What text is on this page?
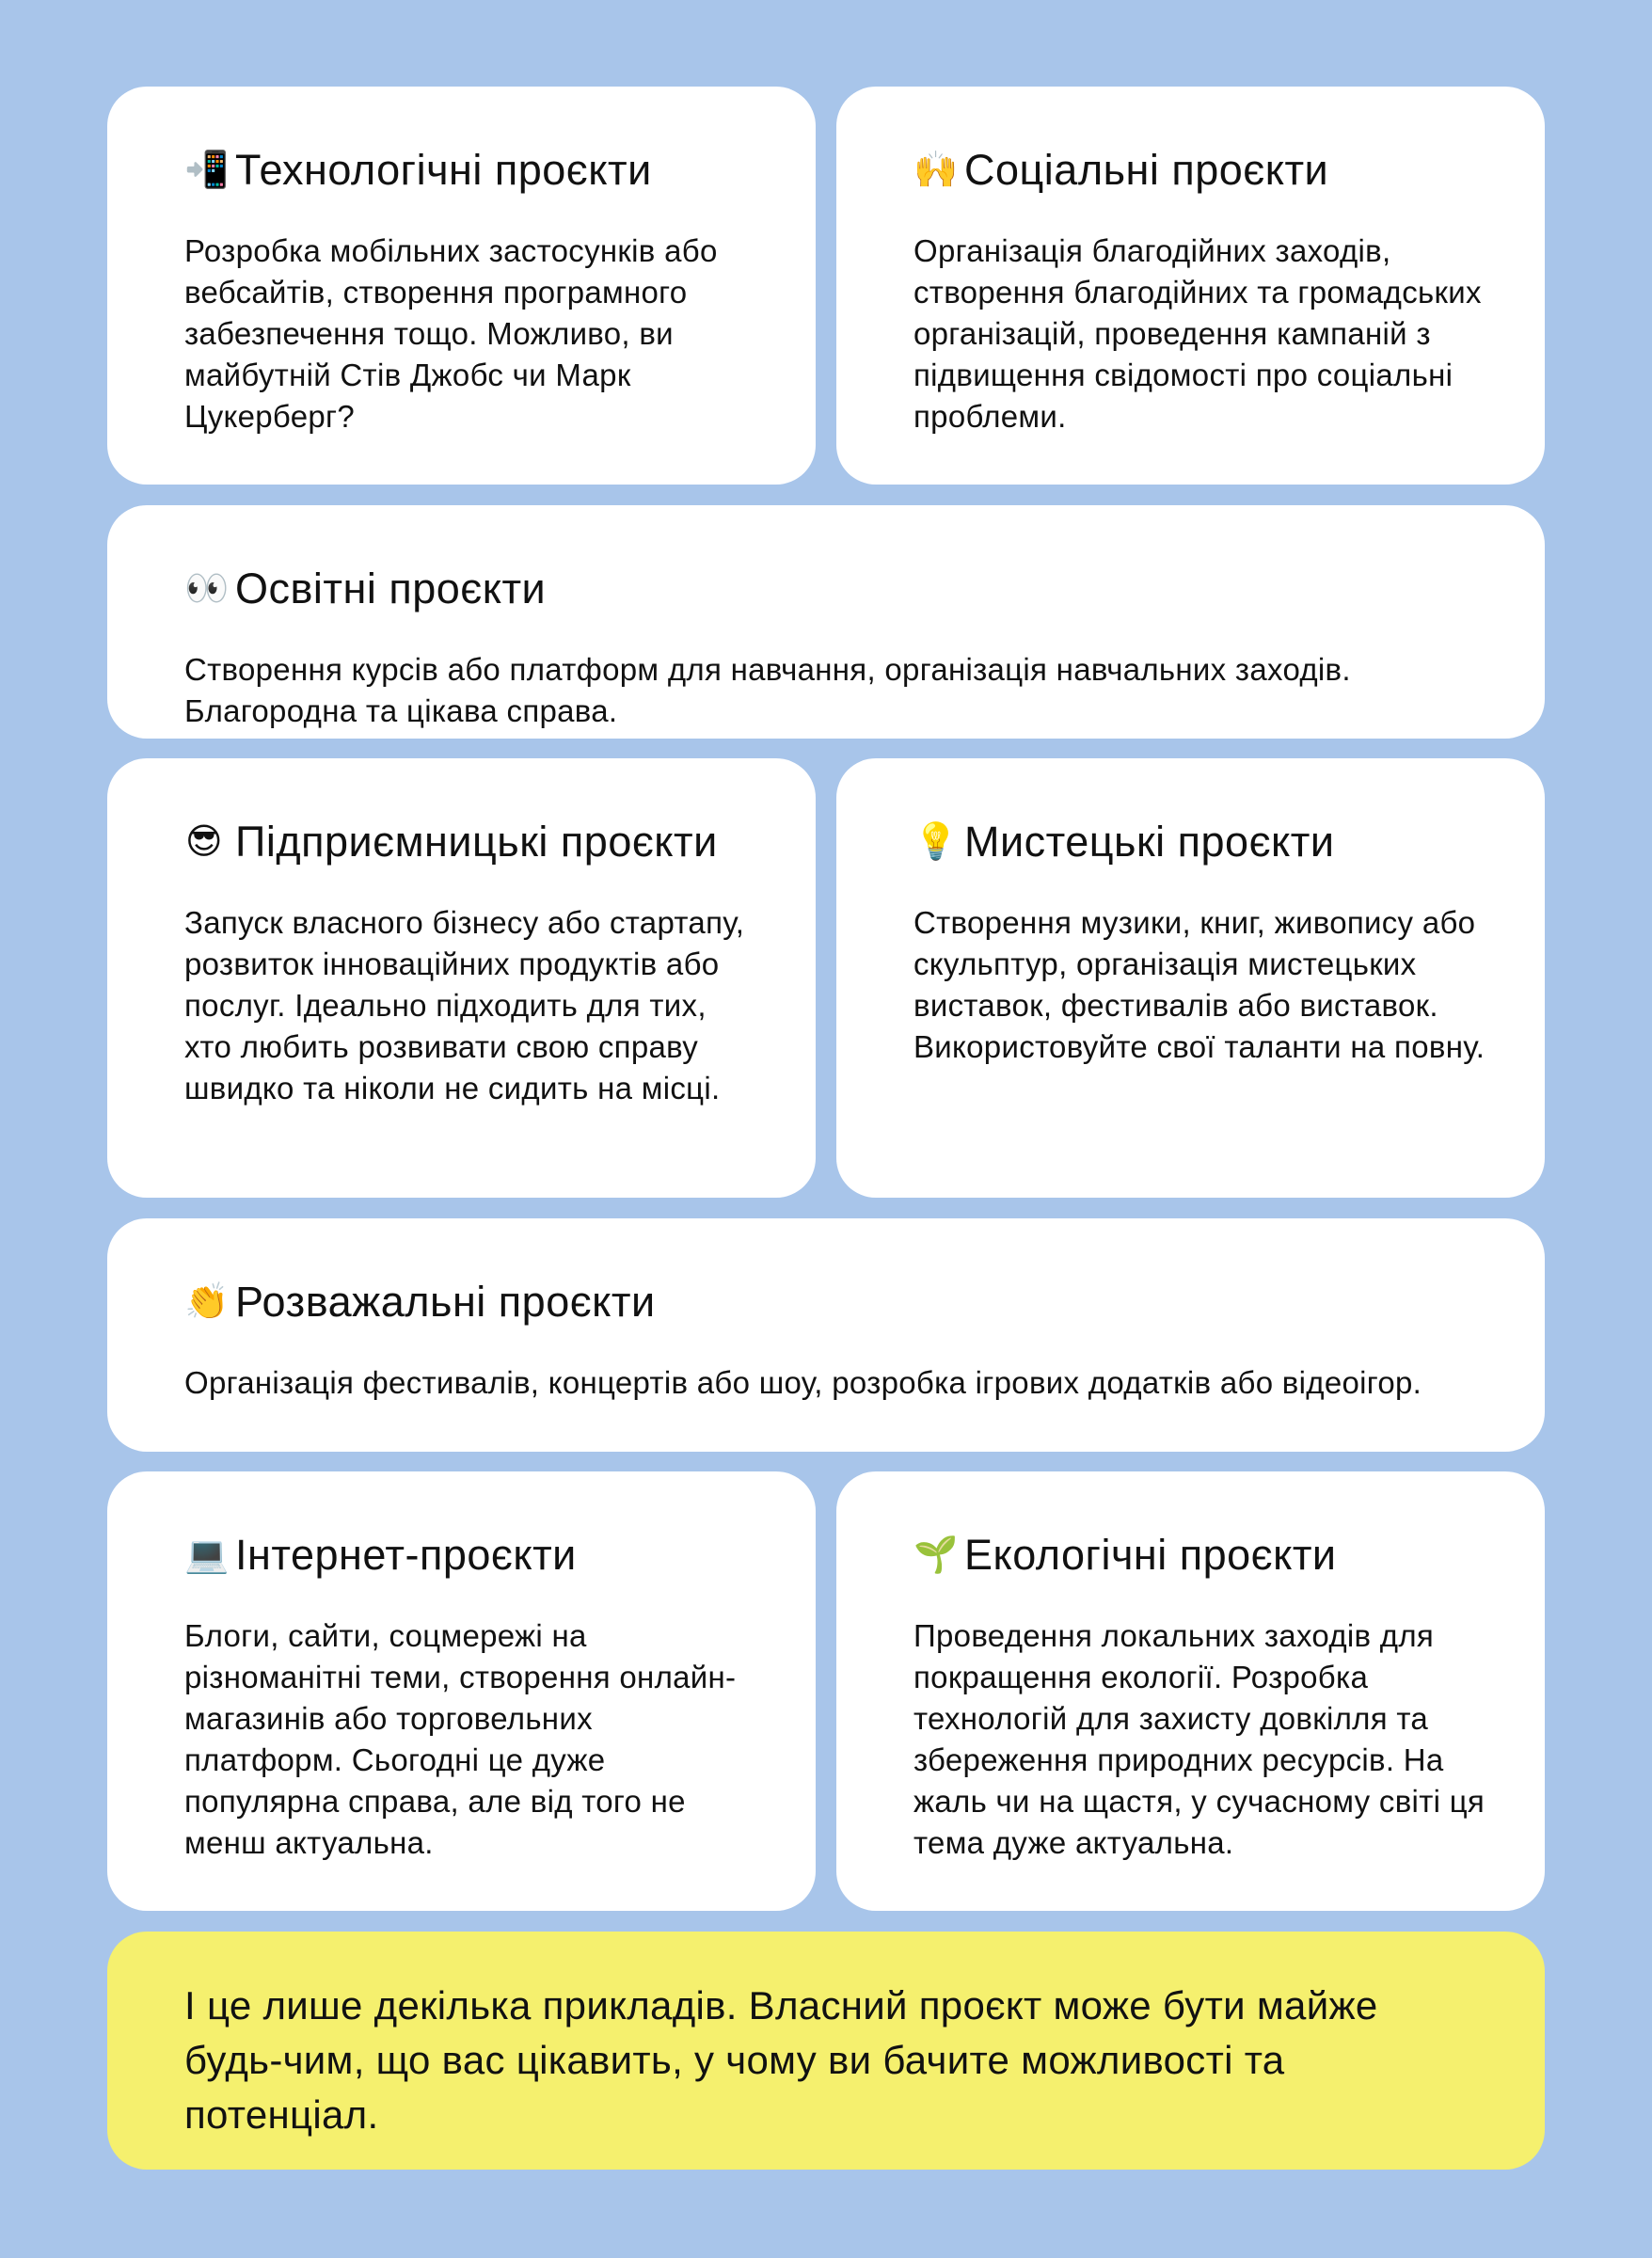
📲 Технологічні проєкти

Розробка мобільних застосунків або вебсайтів, створення програмного забезпечення тощо. Можливо, ви майбутній Стів Джобс чи Марк Цукерберг?

🙌 Соціальні проєкти

Організація благодійних заходів, створення благодійних та громадських організацій, проведення кампаній з підвищення свідомості про соціальні проблеми.

👀 Освітні проєкти

Створення курсів або платформ для навчання, організація навчальних заходів. Благородна та цікава справа.

😎 Підприємницькі проєкти

Запуск власного бізнесу або стартапу, розвиток інноваційних продуктів або послуг. Ідеально підходить для тих, хто любить розвивати свою справу швидко та ніколи не сидить на місці.

💡 Мистецькі проєкти

Створення музики, книг, живопису або скульптур, організація мистецьких виставок, фестивалів або виставок. Використовуйте свої таланти на повну.

👏 Розважальні проєкти

Організація фестивалів, концертів або шоу, розробка ігрових додатків або відеоігор.

💻 Інтернет-проєкти

Блоги, сайти, соцмережі на різноманітні теми, створення онлайн-магазинів або торговельних платформ. Сьогодні це дуже популярна справа, але від того не менш актуальна.

🌱 Екологічні проєкти

Проведення локальних заходів для покращення екології. Розробка технологій для захисту довкілля та збереження природних ресурсів. На жаль чи на щастя, у сучасному світі ця тема дуже актуальна.

І це лише декілька прикладів. Власний проєкт може бути майже будь-чим, що вас цікавить, у чому ви бачите можливості та потенціал.
